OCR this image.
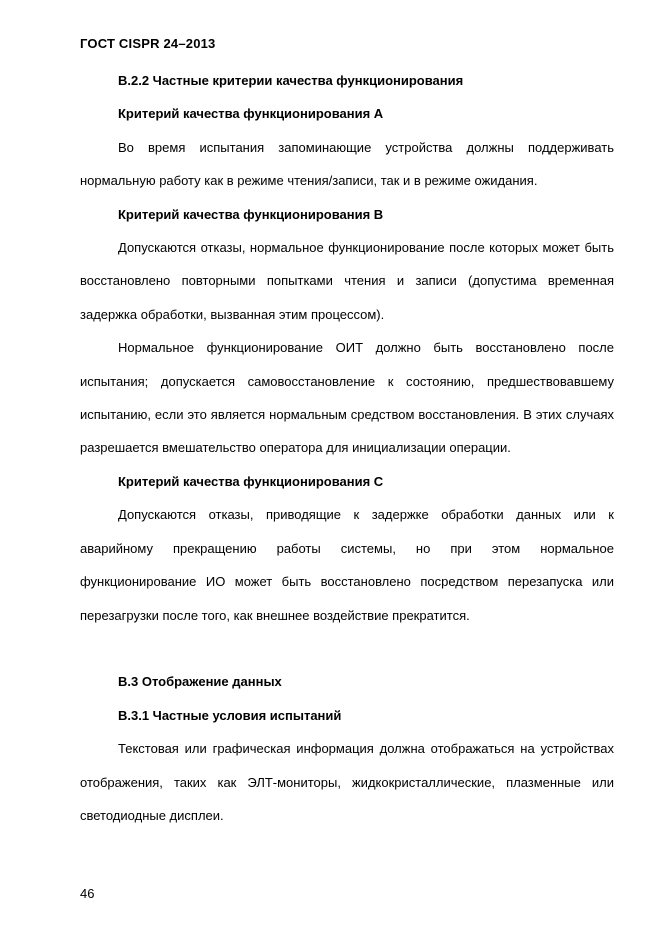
ГОСТ CISPR 24–2013
В.2.2 Частные критерии качества функционирования
Критерий качества функционирования А

Во время испытания запоминающие устройства должны поддерживать нормальную работу как в режиме чтения/записи, так и в режиме ожидания.

Критерий качества функционирования В

Допускаются отказы, нормальное функционирование после которых может быть восстановлено повторными попытками чтения и записи (допустима временная задержка обработки, вызванная этим процессом).

Нормальное функционирование ОИТ должно быть восстановлено после испытания; допускается самовосстановление к состоянию, предшествовавшему испытанию, если это является нормальным средством восстановления. В этих случаях разрешается вмешательство оператора для инициализации операции.

Критерий качества функционирования С

Допускаются отказы, приводящие к задержке обработки данных или к аварийному прекращению работы системы, но при этом нормальное функционирование ИО может быть восстановлено посредством перезапуска или перезагрузки после того, как внешнее воздействие прекратится.

В.3 Отображение данных
В.3.1 Частные условия испытаний

Текстовая или графическая информация должна отображаться на устройствах отображения, таких как ЭЛТ-мониторы, жидкокристаллические, плазменные или светодиодные дисплеи.

46
